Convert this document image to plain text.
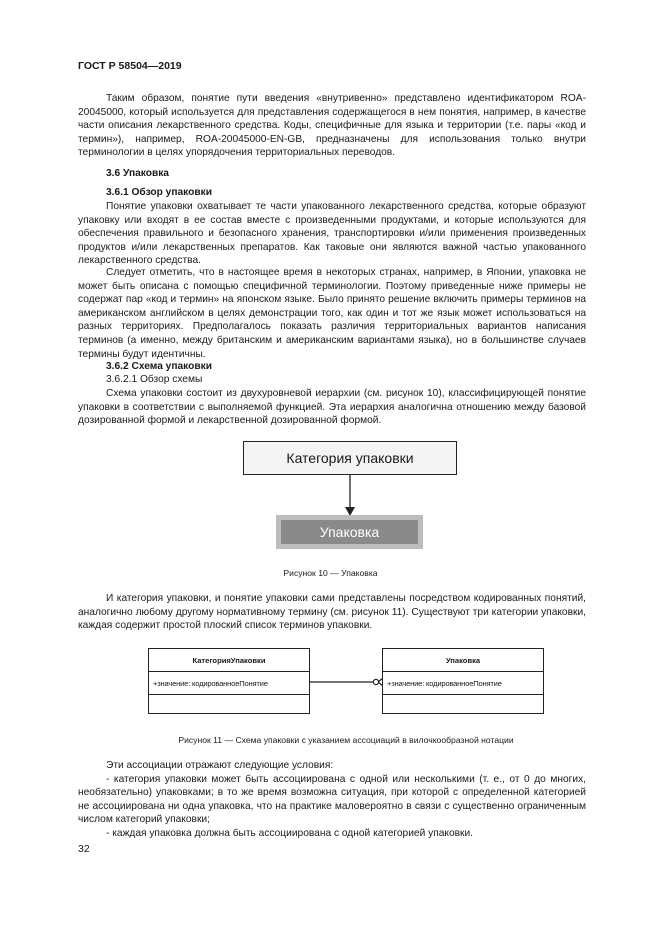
ГОСТ Р 58504—2019

Таким образом, понятие пути введения «внутривенно» представлено идентификатором ROA-20045000, который используется для представления содержащегося в нем понятия, например, в качестве части описания лекарственного средства. Коды, специфичные для языка и территории (т.е. пары «код и термин»), например, ROA-20045000-EN-GB, предназначены для использования только внутри терминологии в целях упорядочения территориальных переводов.

3.6 Упаковка
3.6.1 Обзор упаковки

Понятие упаковки охватывает те части упакованного лекарственного средства, которые образуют упаковку или входят в ее состав вместе с произведенными продуктами, и которые используются для обеспечения правильного и безопасного хранения, транспортировки и/или применения произведенных продуктов и/или лекарственных препаратов. Как таковые они являются важной частью упакованного лекарственного средства.

Следует отметить, что в настоящее время в некоторых странах, например, в Японии, упаковка не может быть описана с помощью специфичной терминологии. Поэтому приведенные ниже примеры не содержат пар «код и термин» на японском языке. Было принято решение включить примеры терминов на американском английском в целях демонстрации того, как один и тот же язык может использоваться на разных территориях. Предполагалось показать различия территориальных вариантов написания терминов (а именно, между британским и американским вариантами языка), но в большинстве случаев термины будут идентичны.

3.6.2 Схема упаковки
3.6.2.1 Обзор схемы

Схема упаковки состоит из двухуровневой иерархии (см. рисунок 10), классифицирующей понятие упаковки в соответствии с выполняемой функцией. Эта иерархия аналогична отношению между базовой дозированной формой и лекарственной дозированной формой.

Категория упаковки
Упаковка
Рисунок 10 — Упаковка

И категория упаковки, и понятие упаковки сами представлены посредством кодированных понятий, аналогично любому другому нормативному термину (см. рисунок 11). Существуют три категории упаковки, каждая содержит простой плоский список терминов упаковки.

КатегорияУпаковки
+значение: кодированноеПонятие
Упаковка
+значение: кодированноеПонятие
Рисунок 11 — Схема упаковки с указанием ассоциаций в вилочкообразной нотации

Эти ассоциации отражают следующие условия:

- категория упаковки может быть ассоциирована с одной или несколькими (т. е., от 0 до многих, необязательно) упаковками; в то же время возможна ситуация, при которой с определенной категорией не ассоциирована ни одна упаковка, что на практике маловероятно в связи с существенно ограниченным числом категорий упаковки;

- каждая упаковка должна быть ассоциирована с одной категорией упаковки.

32
